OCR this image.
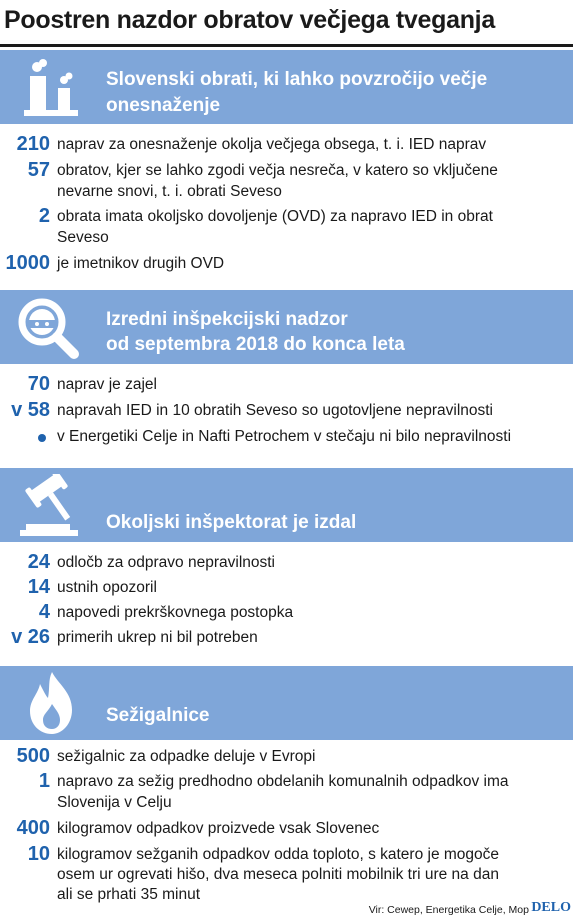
Poostren nazdor obratov večjega tveganja
Slovenski obrati, ki lahko povzročijo večje
onesnaženje
210 naprav za onesnaženje okolja večjega obsega, t. i. IED naprav
57 obratov, kjer se lahko zgodi večja nesreča, v katero so vključene
nevarne snovi, t. i. obrati Seveso
2 obrata imata okoljsko dovoljenje (OVD) za napravo IED in obrat
Seveso
1000 je imetnikov drugih OVD
Izredni inšpekcijski nadzor
od septembra 2018 do konca leta
70 naprav je zajel
v 58 napravah IED in 10 obratih Seveso so ugotovljene nepravilnosti
v Energetiki Celje in Nafti Petrochem v stečaju ni bilo nepravilnosti
Okoljski inšpektorat je izdal
24 odločb za odpravo nepravilnosti
14 ustnih opozoril
4 napovedi prekrškovnega postopka
v 26 primerih ukrep ni bil potreben
Sežigalnice
500 sežigalnic za odpadke deluje v Evropi
1 napravo za sežig predhodno obdelanih komunalnih odpadkov ima
Slovenija v Celju
400 kilogramov odpadkov proizvede vsak Slovenec
10 kilogramov sežganih odpadkov odda toploto, s katero je mogoče
osem ur ogrevati hišo, dva meseca polniti mobilnik tri ure na dan
ali se prhati 35 minut
Vir: Cewep, Energetika Celje, Mop DELO
